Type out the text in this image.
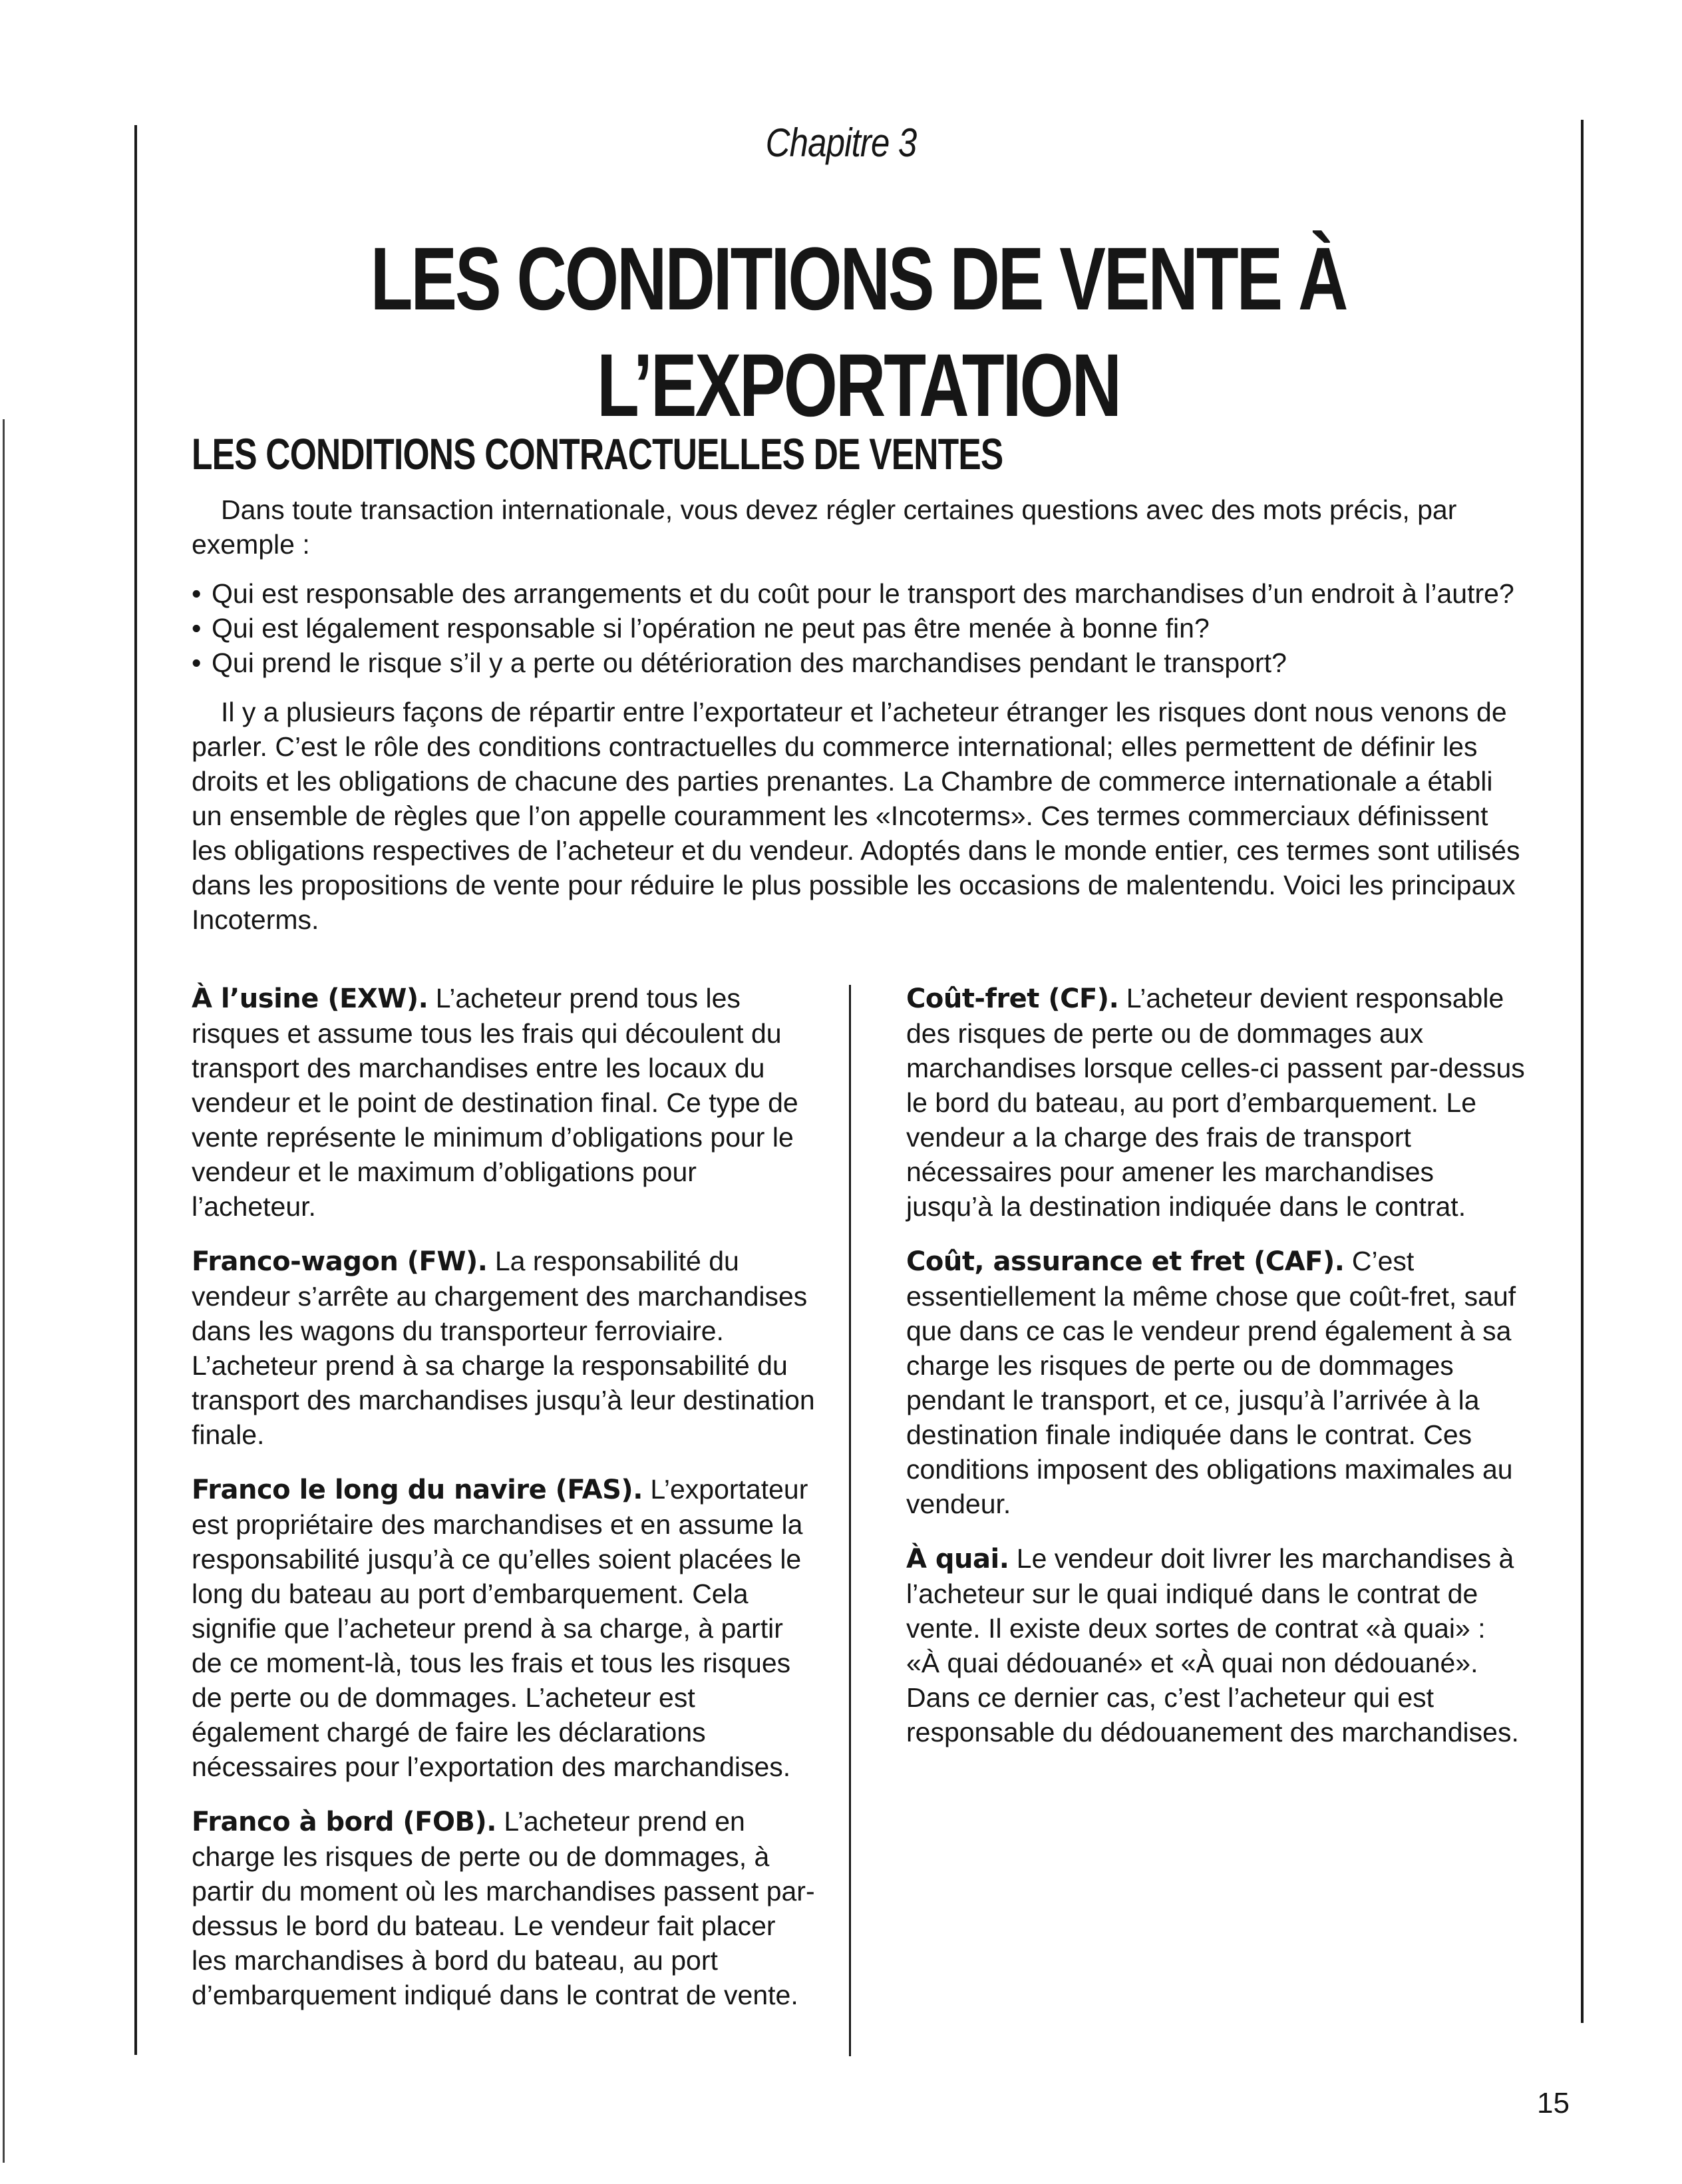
Chapitre 3
LES CONDITIONS DE VENTE À
L’EXPORTATION
LES CONDITIONS CONTRACTUELLES DE VENTES

Dans toute transaction internationale, vous devez régler certaines questions avec des mots précis, par exemple :

• Qui est responsable des arrangements et du coût pour le transport des marchandises d’un endroit à l’autre?
• Qui est légalement responsable si l’opération ne peut pas être menée à bonne fin?
• Qui prend le risque s’il y a perte ou détérioration des marchandises pendant le transport?

Il y a plusieurs façons de répartir entre l’exportateur et l’acheteur étranger les risques dont nous venons de parler. C’est le rôle des conditions contractuelles du commerce international; elles permettent de définir les droits et les obligations de chacune des parties prenantes. La Chambre de commerce internationale a établi un ensemble de règles que l’on appelle couramment les «Incoterms». Ces termes commerciaux définissent les obligations respectives de l’acheteur et du vendeur. Adoptés dans le monde entier, ces termes sont utilisés dans les propositions de vente pour réduire le plus possible les occasions de malentendu. Voici les principaux Incoterms.

À l’usine (EXW). L’acheteur prend tous les risques et assume tous les frais qui découlent du transport des marchandises entre les locaux du vendeur et le point de destination final. Ce type de vente représente le minimum d’obligations pour le vendeur et le maximum d’obligations pour l’acheteur.

Franco-wagon (FW). La responsabilité du vendeur s’arrête au chargement des marchandises dans les wagons du transporteur ferroviaire. L’acheteur prend à sa charge la responsabilité du transport des marchandises jusqu’à leur destination finale.

Franco le long du navire (FAS). L’exportateur est propriétaire des marchandises et en assume la responsabilité jusqu’à ce qu’elles soient placées le long du bateau au port d’embarquement. Cela signifie que l’acheteur prend à sa charge, à partir de ce moment-là, tous les frais et tous les risques de perte ou de dommages. L’acheteur est également chargé de faire les déclarations nécessaires pour l’exportation des marchandises.

Franco à bord (FOB). L’acheteur prend en charge les risques de perte ou de dommages, à partir du moment où les marchandises passent par-dessus le bord du bateau. Le vendeur fait placer les marchandises à bord du bateau, au port d’embarquement indiqué dans le contrat de vente.

Coût-fret (CF). L’acheteur devient responsable des risques de perte ou de dommages aux marchandises lorsque celles-ci passent par-dessus le bord du bateau, au port d’embarquement. Le vendeur a la charge des frais de transport nécessaires pour amener les marchandises jusqu’à la destination indiquée dans le contrat.

Coût, assurance et fret (CAF). C’est essentiellement la même chose que coût-fret, sauf que dans ce cas le vendeur prend également à sa charge les risques de perte ou de dommages pendant le transport, et ce, jusqu’à l’arrivée à la destination finale indiquée dans le contrat. Ces conditions imposent des obligations maximales au vendeur.

À quai. Le vendeur doit livrer les marchandises à l’acheteur sur le quai indiqué dans le contrat de vente. Il existe deux sortes de contrat «à quai» : «À quai dédouané» et «À quai non dédouané». Dans ce dernier cas, c’est l’acheteur qui est responsable du dédouanement des marchandises.

15
